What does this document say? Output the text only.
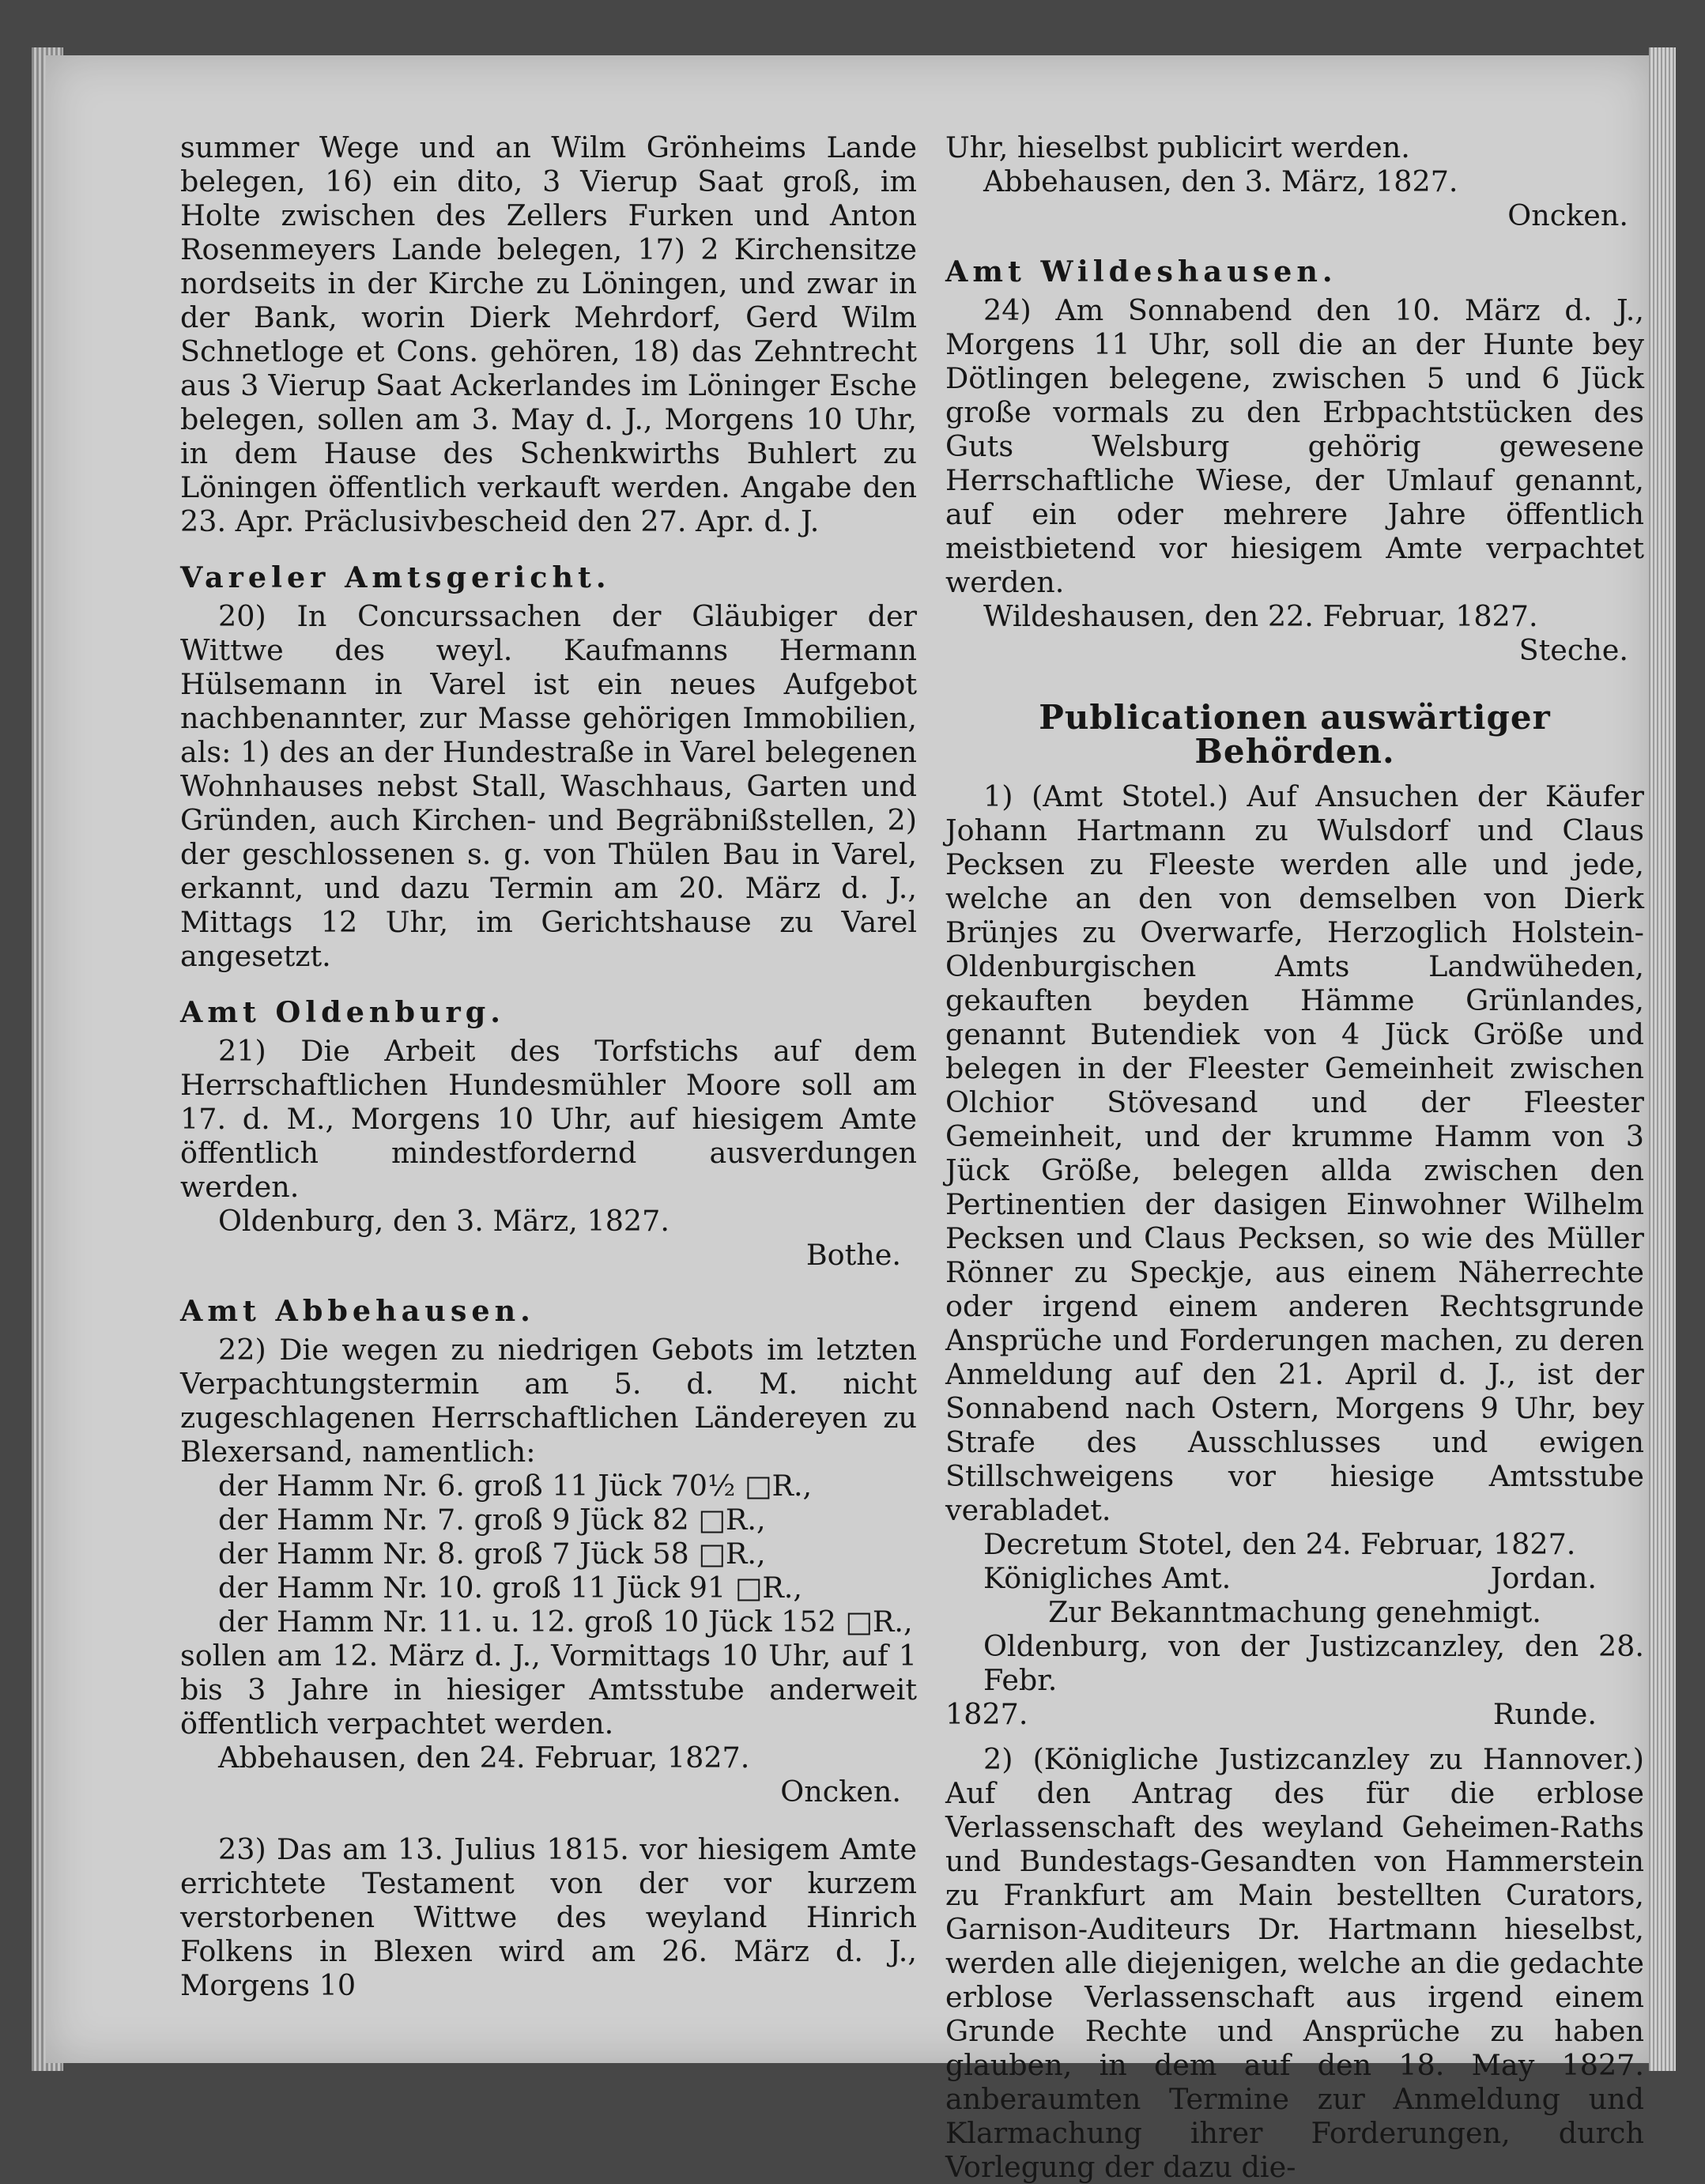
summer Wege und an Wilm Grönheims Lande belegen, 16) ein dito, 3 Vierup Saat groß, im Holte zwischen des Zellers Furken und Anton Rosenmeyers Lande belegen, 17) 2 Kirchensitze nordseits in der Kirche zu Löningen, und zwar in der Bank, worin Dierk Mehrdorf, Gerd Wilm Schnetloge et Cons. gehören, 18) das Zehntrecht aus 3 Vierup Saat Ackerlandes im Löninger Esche belegen, sollen am 3. May d. J., Morgens 10 Uhr, in dem Hause des Schenkwirths Buhlert zu Löningen öffentlich verkauft werden. Angabe den 23. Apr. Präclusivbescheid den 27. Apr. d. J.

Vareler Amtsgericht.

20) In Concurssachen der Gläubiger der Wittwe des weyl. Kaufmanns Hermann Hülsemann in Varel ist ein neues Aufgebot nachbenannter, zur Masse gehörigen Immobilien, als: 1) des an der Hundestraße in Varel belegenen Wohnhauses nebst Stall, Waschhaus, Garten und Gründen, auch Kirchen- und Begräbnißstellen, 2) der geschlossenen s. g. von Thülen Bau in Varel, erkannt, und dazu Termin am 20. März d. J., Mittags 12 Uhr, im Gerichtshause zu Varel angesetzt.

Amt Oldenburg.

21) Die Arbeit des Torfstichs auf dem Herrschaftlichen Hundesmühler Moore soll am 17. d. M., Morgens 10 Uhr, auf hiesigem Amte öffentlich mindestfordernd ausverdungen werden.

Oldenburg, den 3. März, 1827.

Bothe.

Amt Abbehausen.

22) Die wegen zu niedrigen Gebots im letzten Verpachtungstermin am 5. d. M. nicht zugeschlagenen Herrschaftlichen Ländereyen zu Blexersand, namentlich:

der Hamm Nr. 6. groß 11 Jück 70½ □R.,

der Hamm Nr. 7. groß 9 Jück 82 □R.,

der Hamm Nr. 8. groß 7 Jück 58 □R.,

der Hamm Nr. 10. groß 11 Jück 91 □R.,

der Hamm Nr. 11. u. 12. groß 10 Jück 152 □R.,

sollen am 12. März d. J., Vormittags 10 Uhr, auf 1 bis 3 Jahre in hiesiger Amtsstube anderweit öffentlich verpachtet werden.

Abbehausen, den 24. Februar, 1827.

Oncken.

23) Das am 13. Julius 1815. vor hiesigem Amte errichtete Testament von der vor kurzem verstorbenen Wittwe des weyland Hinrich Folkens in Blexen wird am 26. März d. J., Morgens 10

Uhr, hieselbst publicirt werden.

Abbehausen, den 3. März, 1827.

Oncken.

Amt Wildeshausen.

24) Am Sonnabend den 10. März d. J., Morgens 11 Uhr, soll die an der Hunte bey Dötlingen belegene, zwischen 5 und 6 Jück große vormals zu den Erbpachtstücken des Guts Welsburg gehörig gewesene Herrschaftliche Wiese, der Umlauf genannt, auf ein oder mehrere Jahre öffentlich meistbietend vor hiesigem Amte verpachtet werden.

Wildeshausen, den 22. Februar, 1827.

Steche.

Publicationen auswärtiger Behörden.

1) (Amt Stotel.) Auf Ansuchen der Käufer Johann Hartmann zu Wulsdorf und Claus Pecksen zu Fleeste werden alle und jede, welche an den von demselben von Dierk Brünjes zu Overwarfe, Herzoglich Holstein-Oldenburgischen Amts Landwüheden, gekauften beyden Hämme Grünlandes, genannt Butendiek von 4 Jück Größe und belegen in der Fleester Gemeinheit zwischen Olchior Stövesand und der Fleester Gemeinheit, und der krumme Hamm von 3 Jück Größe, belegen allda zwischen den Pertinentien der dasigen Einwohner Wilhelm Pecksen und Claus Pecksen, so wie des Müller Rönner zu Speckje, aus einem Näherrechte oder irgend einem anderen Rechtsgrunde Ansprüche und Forderungen machen, zu deren Anmeldung auf den 21. April d. J., ist der Sonnabend nach Ostern, Morgens 9 Uhr, bey Strafe des Ausschlusses und ewigen Stillschweigens vor hiesige Amtsstube verabladet.

Decretum Stotel, den 24. Februar, 1827.

Königliches Amt.	Jordan.

Zur Bekanntmachung genehmigt.

Oldenburg, von der Justizcanzley, den 28. Febr.

1827.	Runde.

2) (Königliche Justizcanzley zu Hannover.) Auf den Antrag des für die erblose Verlassenschaft des weyland Geheimen-Raths und Bundestags-Gesandten von Hammerstein zu Frankfurt am Main bestellten Curators, Garnison-Auditeurs Dr. Hartmann hieselbst, werden alle diejenigen, welche an die gedachte erblose Verlassenschaft aus irgend einem Grunde Rechte und Ansprüche zu haben glauben, in dem auf den 18. May 1827. anberaumten Termine zur Anmeldung und Klarmachung ihrer Forderungen, durch Vorlegung der dazu die-
